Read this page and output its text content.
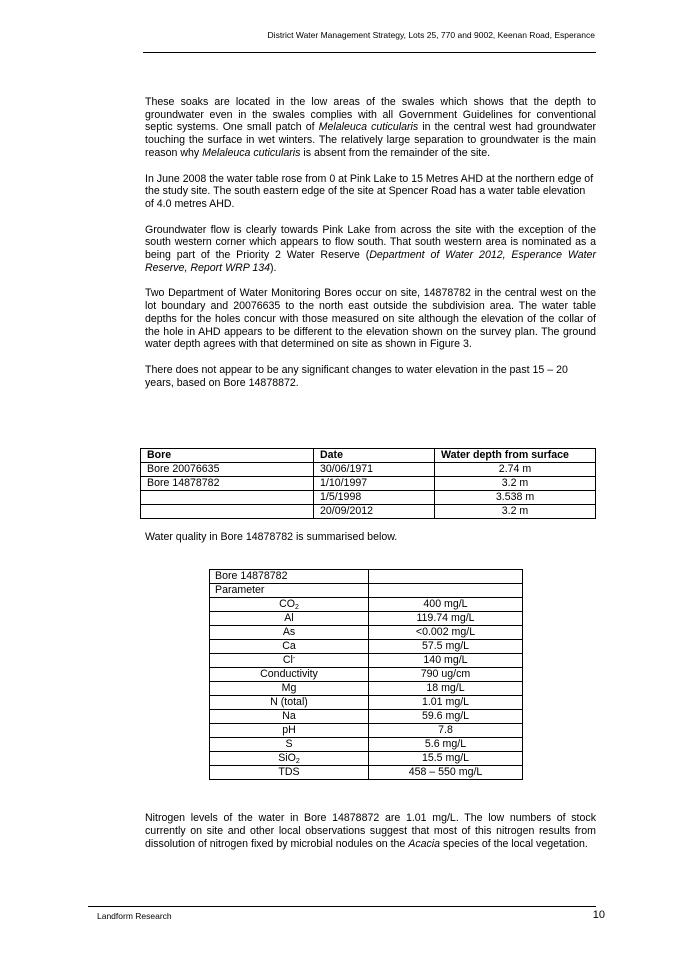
District Water Management Strategy, Lots 25, 770 and 9002, Keenan Road, Esperance

These soaks are located in the low areas of the swales which shows that the depth to groundwater even in the swales complies with all Government Guidelines for conventional septic systems. One small patch of Melaleuca cuticularis in the central west had groundwater touching the surface in wet winters. The relatively large separation to groundwater is the main reason why Melaleuca cuticularis is absent from the remainder of the site.

In June 2008 the water table rose from 0 at Pink Lake to 15 Metres AHD at the northern edge of the study site. The south eastern edge of the site at Spencer Road has a water table elevation of 4.0 metres AHD.

Groundwater flow is clearly towards Pink Lake from across the site with the exception of the south western corner which appears to flow south. That south western area is nominated as a being part of the Priority 2 Water Reserve (Department of Water 2012, Esperance Water Reserve, Report WRP 134).

Two Department of Water Monitoring Bores occur on site, 14878782 in the central west on the lot boundary and 20076635 to the north east outside the subdivision area. The water table depths for the holes concur with those measured on site although the elevation of the collar of the hole in AHD appears to be different to the elevation shown on the survey plan. The ground water depth agrees with that determined on site as shown in Figure 3.

There does not appear to be any significant changes to water elevation in the past 15 – 20 years, based on Bore 14878872.

Bore	Date	Water depth from surface
Bore 20076635	30/06/1971	2.74 m
Bore 14878782	1/10/1997	3.2 m
	1/5/1998	3.538 m
	20/09/2012	3.2 m
Water quality in Bore 14878782 is summarised below.
Bore 14878782	
Parameter	
$CO_2$	400 mg/L
Al	119.74 mg/L
As	<0.002 mg/L
Ca	57.5 mg/L
Cl-	140 mg/L
Conductivity	790 ug/cm
Mg	18 mg/L
N (total)	1.01 mg/L
Na	59.6 mg/L
pH	7.8
S	5.6 mg/L
SiO$_2$	15.5 mg/L
TDS	458 – 550 mg/L

Nitrogen levels of the water in Bore 14878872 are 1.01 mg/L. The low numbers of stock currently on site and other local observations suggest that most of this nitrogen results from dissolution of nitrogen fixed by microbial nodules on the Acacia species of the local vegetation.

Landform Research	10
